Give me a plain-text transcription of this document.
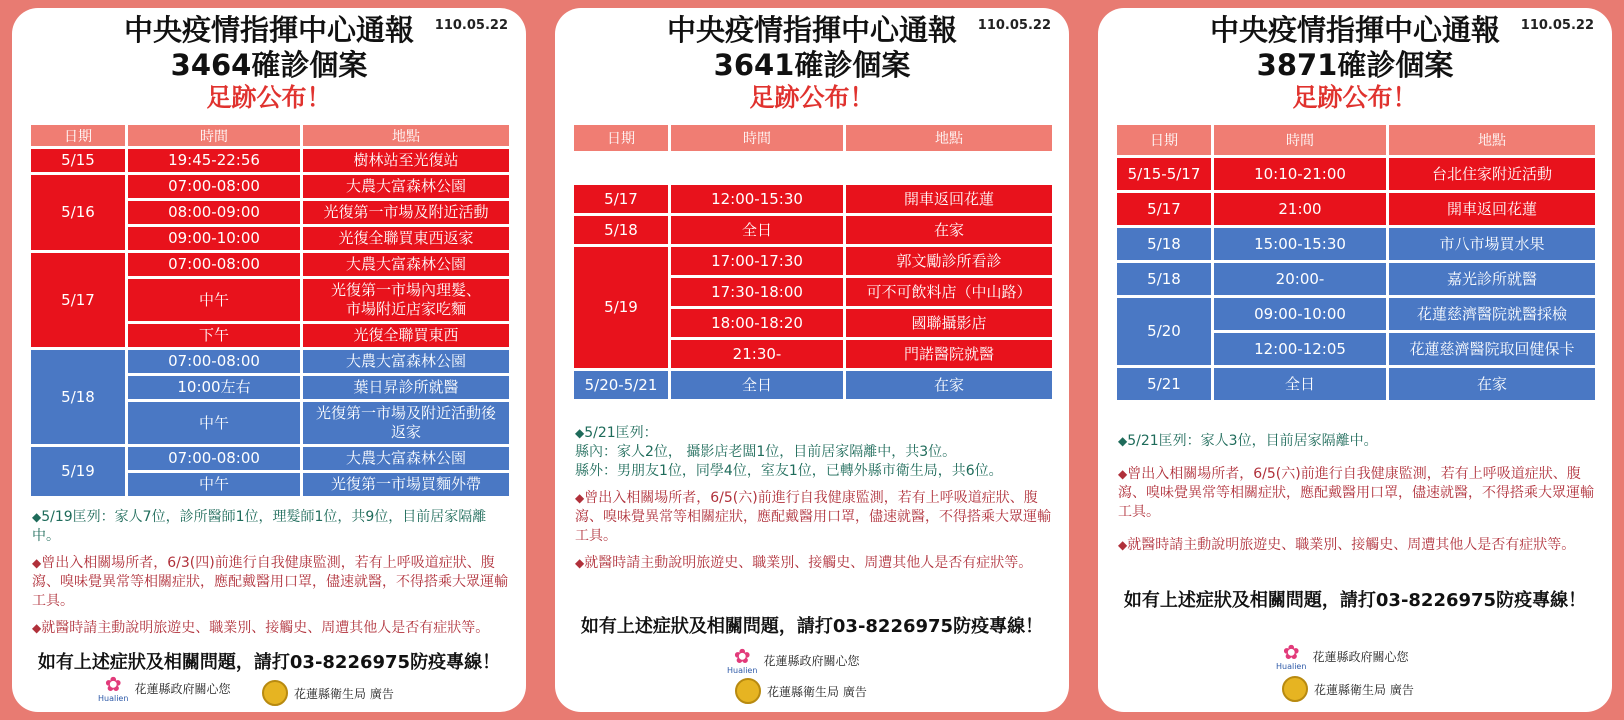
110.05.22
中央疫情指揮中心通報
3464確診個案
足跡公布！
日期	時間	地點
5/15	19:45-22:56	樹林站至光復站
5/16	07:00-08:00	大農大富森林公園
	08:00-09:00	光復第一市場及附近活動
	09:00-10:00	光復全聯買東西返家
5/17	07:00-08:00	大農大富森林公園
	中午	光復第一市場內理髮、
市場附近店家吃麵
	下午	光復全聯買東西
5/18	07:00-08:00	大農大富森林公園
	10:00左右	葉日昇診所就醫
	中午	光復第一市場及附近活動後
返家
5/19	07:00-08:00	大農大富森林公園
	中午	光復第一市場買麵外帶
◆5/19匡列：家人7位，診所醫師1位，理髮師1位，共9位，目前居家隔離中。
◆曾出入相關場所者，6/3(四)前進行自我健康監測，若有上呼吸道症狀、腹瀉、嗅味覺異常等相關症狀，應配戴醫用口罩，儘速就醫，不得搭乘大眾運輸工具。
◆就醫時請主動說明旅遊史、職業別、接觸史、周遭其他人是否有症狀等。
如有上述症狀及相關問題，請打03-8226975防疫專線！
✿
Hualien
花蓮縣政府關心您	花蓮縣衛生局 廣告
110.05.22
中央疫情指揮中心通報
3641確診個案
足跡公布！
日期	時間	地點
5/16	10:00-15:00	政大前門小公寓咖啡廳
5/17	12:00-15:30	開車返回花蓮
5/18	全日	在家
5/19	17:00-17:30	郭文勵診所看診
	17:30-18:00	可不可飲料店（中山路）
	18:00-18:20	國聯攝影店
	21:30-	門諾醫院就醫
5/20-5/21	全日	在家
◆5/21匡列：
縣內：家人2位， 攝影店老闆1位，目前居家隔離中，共3位。
縣外：男朋友1位，同學4位，室友1位，已轉外縣市衛生局，共6位。
◆曾出入相關場所者，6/5(六)前進行自我健康監測，若有上呼吸道症狀、腹瀉、嗅味覺異常等相關症狀，應配戴醫用口罩，儘速就醫，不得搭乘大眾運輸工具。
◆就醫時請主動說明旅遊史、職業別、接觸史、周遭其他人是否有症狀等。
如有上述症狀及相關問題，請打03-8226975防疫專線！
✿
Hualien
花蓮縣政府關心您
花蓮縣衛生局 廣告
110.05.22
中央疫情指揮中心通報
3871確診個案
足跡公布！
日期	時間	地點
5/15-5/17	10:10-21:00	台北住家附近活動
5/17	21:00	開車返回花蓮
5/18	15:00-15:30	市八市場買水果
5/18	20:00-	嘉光診所就醫
5/20	09:00-10:00	花蓮慈濟醫院就醫採檢
	12:00-12:05	花蓮慈濟醫院取回健保卡
5/21	全日	在家
◆5/21匡列：家人3位，目前居家隔離中。
◆曾出入相關場所者，6/5(六)前進行自我健康監測，若有上呼吸道症狀、腹瀉、嗅味覺異常等相關症狀，應配戴醫用口罩，儘速就醫，不得搭乘大眾運輸工具。
◆就醫時請主動說明旅遊史、職業別、接觸史、周遭其他人是否有症狀等。
如有上述症狀及相關問題，請打03-8226975防疫專線！
✿
Hualien
花蓮縣政府關心您
花蓮縣衛生局 廣告
